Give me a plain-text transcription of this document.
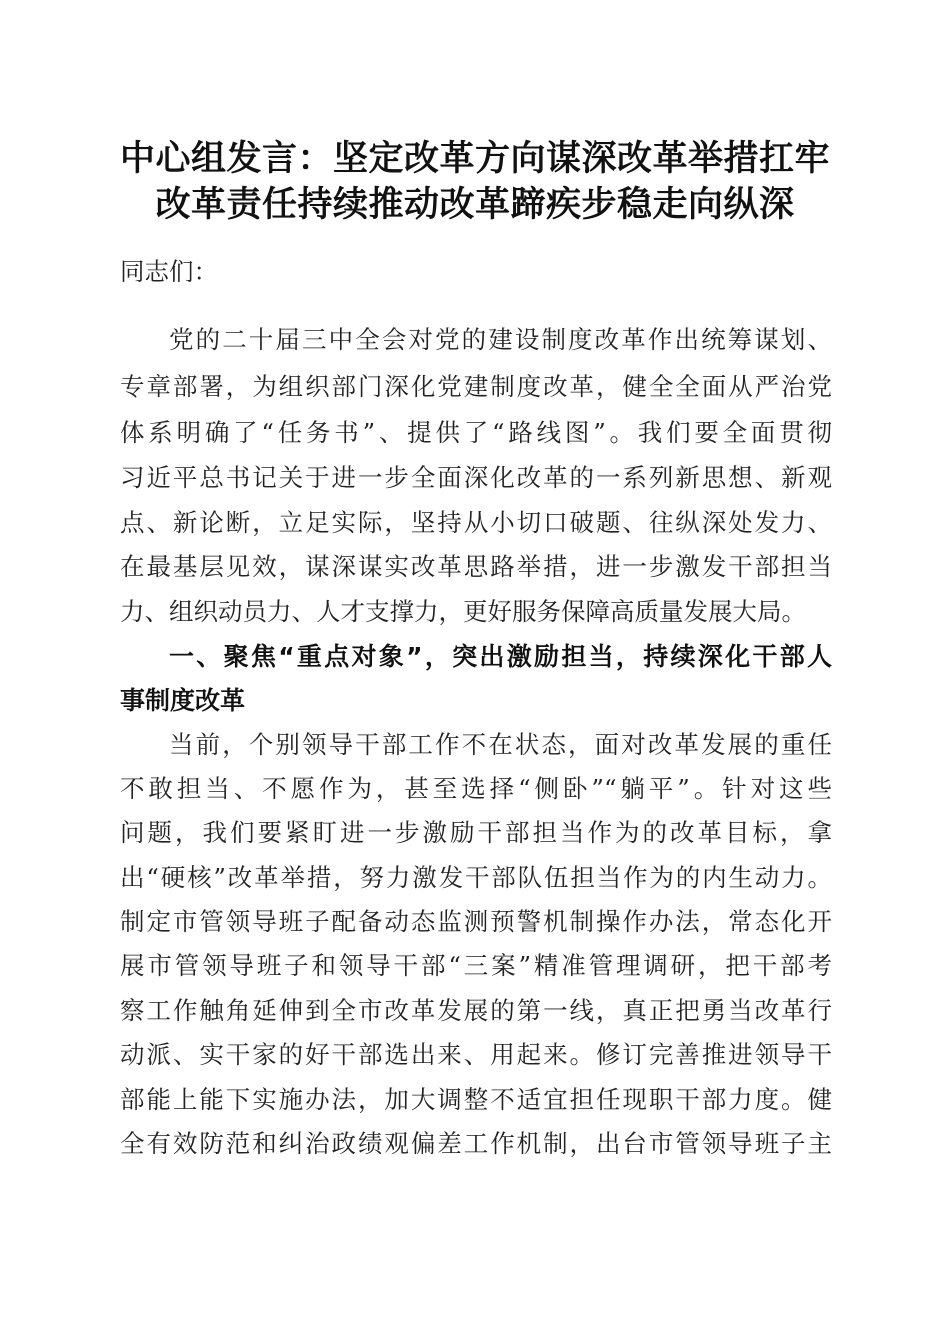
中心组发言：坚定改革方向谋深改革举措扛牢
改革责任持续推动改革蹄疾步稳走向纵深
同志们：
党的二十届三中全会对党的建设制度改革作出统筹谋划、
专章部署，为组织部门深化党建制度改革，健全全面从严治党
体系明确了“任务书”、提供了“路线图”。我们要全面贯彻
习近平总书记关于进一步全面深化改革的一系列新思想、新观
点、新论断，立足实际，坚持从小切口破题、往纵深处发力、
在最基层见效，谋深谋实改革思路举措，进一步激发干部担当
力、组织动员力、人才支撑力，更好服务保障高质量发展大局。
一、聚焦“重点对象”，突出激励担当，持续深化干部人
事制度改革
当前，个别领导干部工作不在状态，面对改革发展的重任
不敢担当、不愿作为，甚至选择“侧卧”“躺平”。针对这些
问题，我们要紧盯进一步激励干部担当作为的改革目标，拿
出“硬核”改革举措，努力激发干部队伍担当作为的内生动力。
制定市管领导班子配备动态监测预警机制操作办法，常态化开
展市管领导班子和领导干部“三案”精准管理调研，把干部考
察工作触角延伸到全市改革发展的第一线，真正把勇当改革行
动派、实干家的好干部选出来、用起来。修订完善推进领导干
部能上能下实施办法，加大调整不适宜担任现职干部力度。健
全有效防范和纠治政绩观偏差工作机制，出台市管领导班子主
